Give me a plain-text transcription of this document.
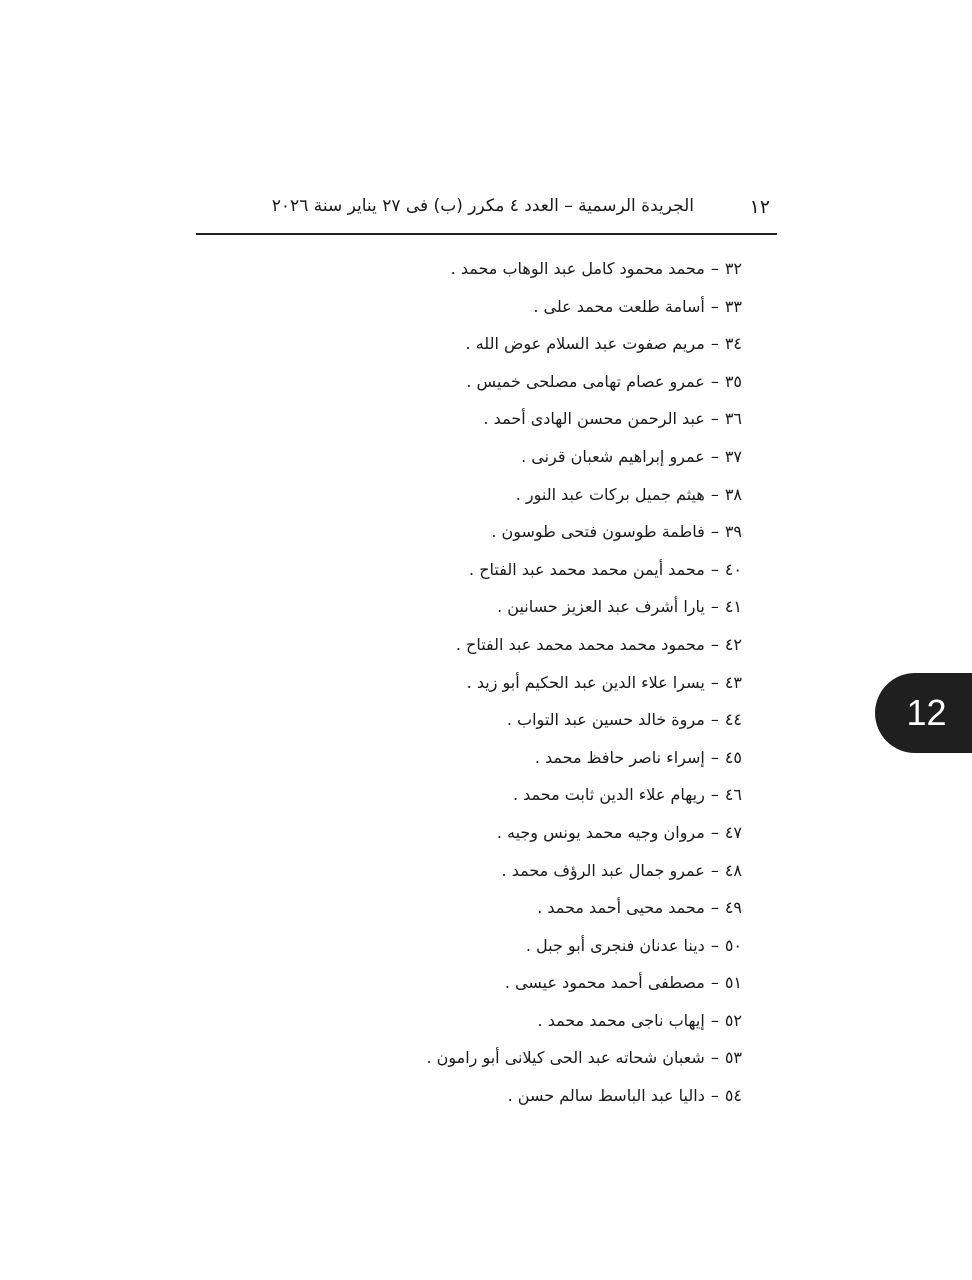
١٢
الجريدة الرسمية – العدد ٤ مكرر (ب) فى ٢٧ يناير سنة ٢٠٢٦
٣٢–محمد محمود كامل عبد الوهاب محمد .
٣٣–أسامة طلعت محمد على .
٣٤–مريم صفوت عبد السلام عوض الله .
٣٥–عمرو عصام تهامى مصلحى خميس .
٣٦–عبد الرحمن محسن الهادى أحمد .
٣٧–عمرو إبراهيم شعبان قرنى .
٣٨–هيثم جميل بركات عبد النور .
٣٩–فاطمة طوسون فتحى طوسون .
٤٠–محمد أيمن محمد محمد عبد الفتاح .
٤١–يارا أشرف عبد العزيز حسانين .
٤٢–محمود محمد محمد محمد عبد الفتاح .
٤٣–يسرا علاء الدين عبد الحكيم أبو زيد .
٤٤–مروة خالد حسين عبد التواب .
٤٥–إسراء ناصر حافظ محمد .
٤٦–ريهام علاء الدين ثابت محمد .
٤٧–مروان وجيه محمد يونس وجيه .
٤٨–عمرو جمال عبد الرؤف محمد .
٤٩–محمد محيى أحمد محمد .
٥٠–دينا عدنان فنجرى أبو جبل .
٥١–مصطفى أحمد محمود عيسى .
٥٢–إيهاب ناجى محمد محمد .
٥٣–شعبان شحاته عبد الحى كيلانى أبو رامون .
٥٤–داليا عبد الباسط سالم حسن .
12
